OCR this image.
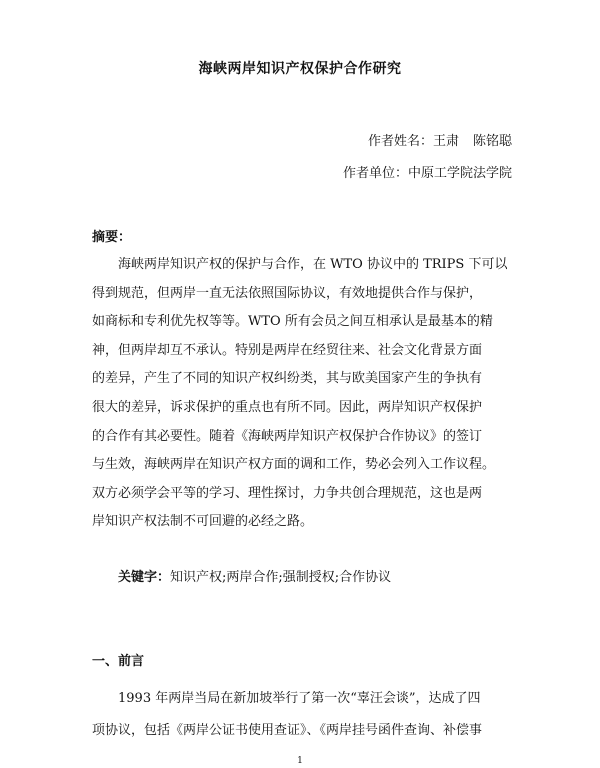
海峡两岸知识产权保护合作研究
作者姓名：王肃 陈铭聪
作者单位：中原工学院法学院
摘要：
海峡两岸知识产权的保护与合作，在 WTO 协议中的 TRIPS 下可以
得到规范，但两岸一直无法依照国际协议，有效地提供合作与保护，
如商标和专利优先权等等。WTO 所有会员之间互相承认是最基本的精
神，但两岸却互不承认。特别是两岸在经贸往来、社会文化背景方面
的差异，产生了不同的知识产权纠纷类，其与欧美国家产生的争执有
很大的差异，诉求保护的重点也有所不同。因此，两岸知识产权保护
的合作有其必要性。随着《海峡两岸知识产权保护合作协议》的签订
与生效，海峡两岸在知识产权方面的调和工作，势必会列入工作议程。
双方必须学会平等的学习、理性探讨，力争共创合理规范，这也是两
岸知识产权法制不可回避的必经之路。
关键字：知识产权;两岸合作;强制授权;合作协议
一、前言
1993 年两岸当局在新加坡举行了第一次“辜汪会谈”，达成了四
项协议，包括《两岸公证书使用查证》、《两岸挂号函件查询、补偿事
1
